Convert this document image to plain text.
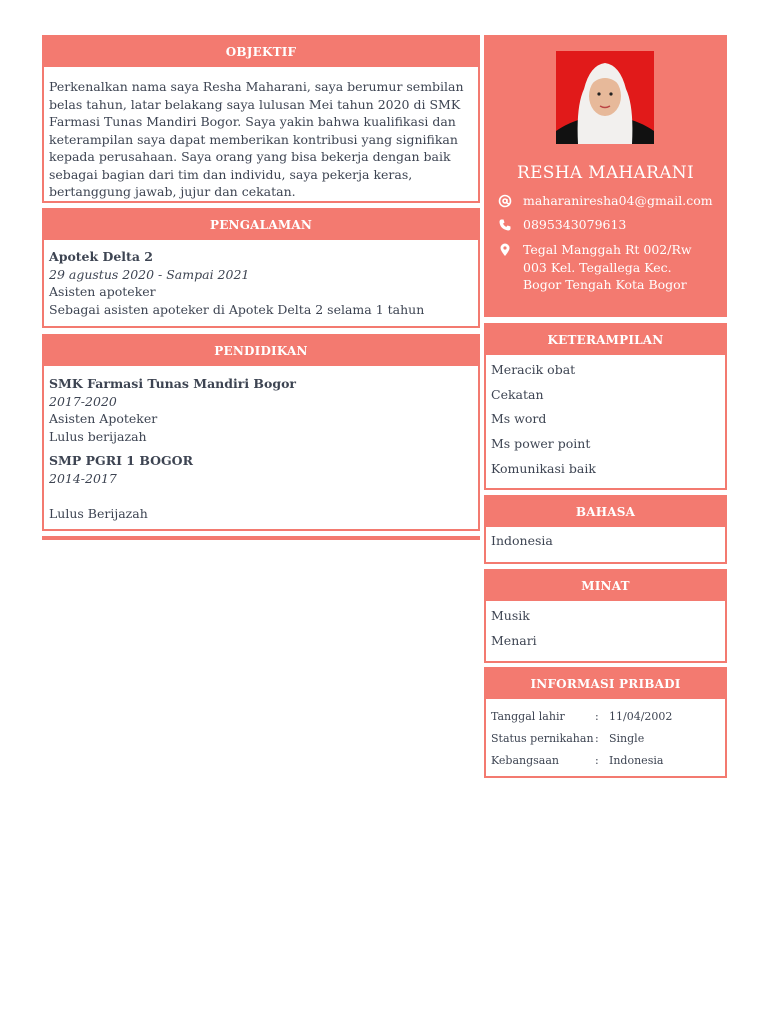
OBJEKTIF
Perkenalkan nama saya Resha Maharani, saya berumur sembilan belas tahun, latar belakang saya lulusan Mei tahun 2020 di SMK Farmasi Tunas Mandiri Bogor. Saya yakin bahwa kualifikasi dan keterampilan saya dapat memberikan kontribusi yang signifikan kepada perusahaan. Saya orang yang bisa bekerja dengan baik sebagai bagian dari tim dan individu, saya pekerja keras, bertanggung jawab, jujur dan cekatan.
PENGALAMAN
Apotek Delta 2
29 agustus 2020 - Sampai 2021
Asisten apoteker
Sebagai asisten apoteker di Apotek Delta 2 selama 1 tahun
PENDIDIKAN
SMK Farmasi Tunas Mandiri Bogor
2017-2020
Asisten Apoteker
Lulus berijazah
SMP PGRI 1 BOGOR
2014-2017
Lulus Berijazah
RESHA MAHARANI
maharaniresha04@gmail.com
0895343079613
Tegal Manggah Rt 002/Rw 003 Kel. Tegallega Kec. Bogor Tengah Kota Bogor
KETERAMPILAN
Meracik obat
Cekatan
Ms word
Ms power point
Komunikasi baik
BAHASA
Indonesia
MINAT
Musik
Menari
INFORMASI PRIBADI
Tanggal lahir	: 11/04/2002
Status pernikahan : Single
Kebangsaan	: Indonesia
